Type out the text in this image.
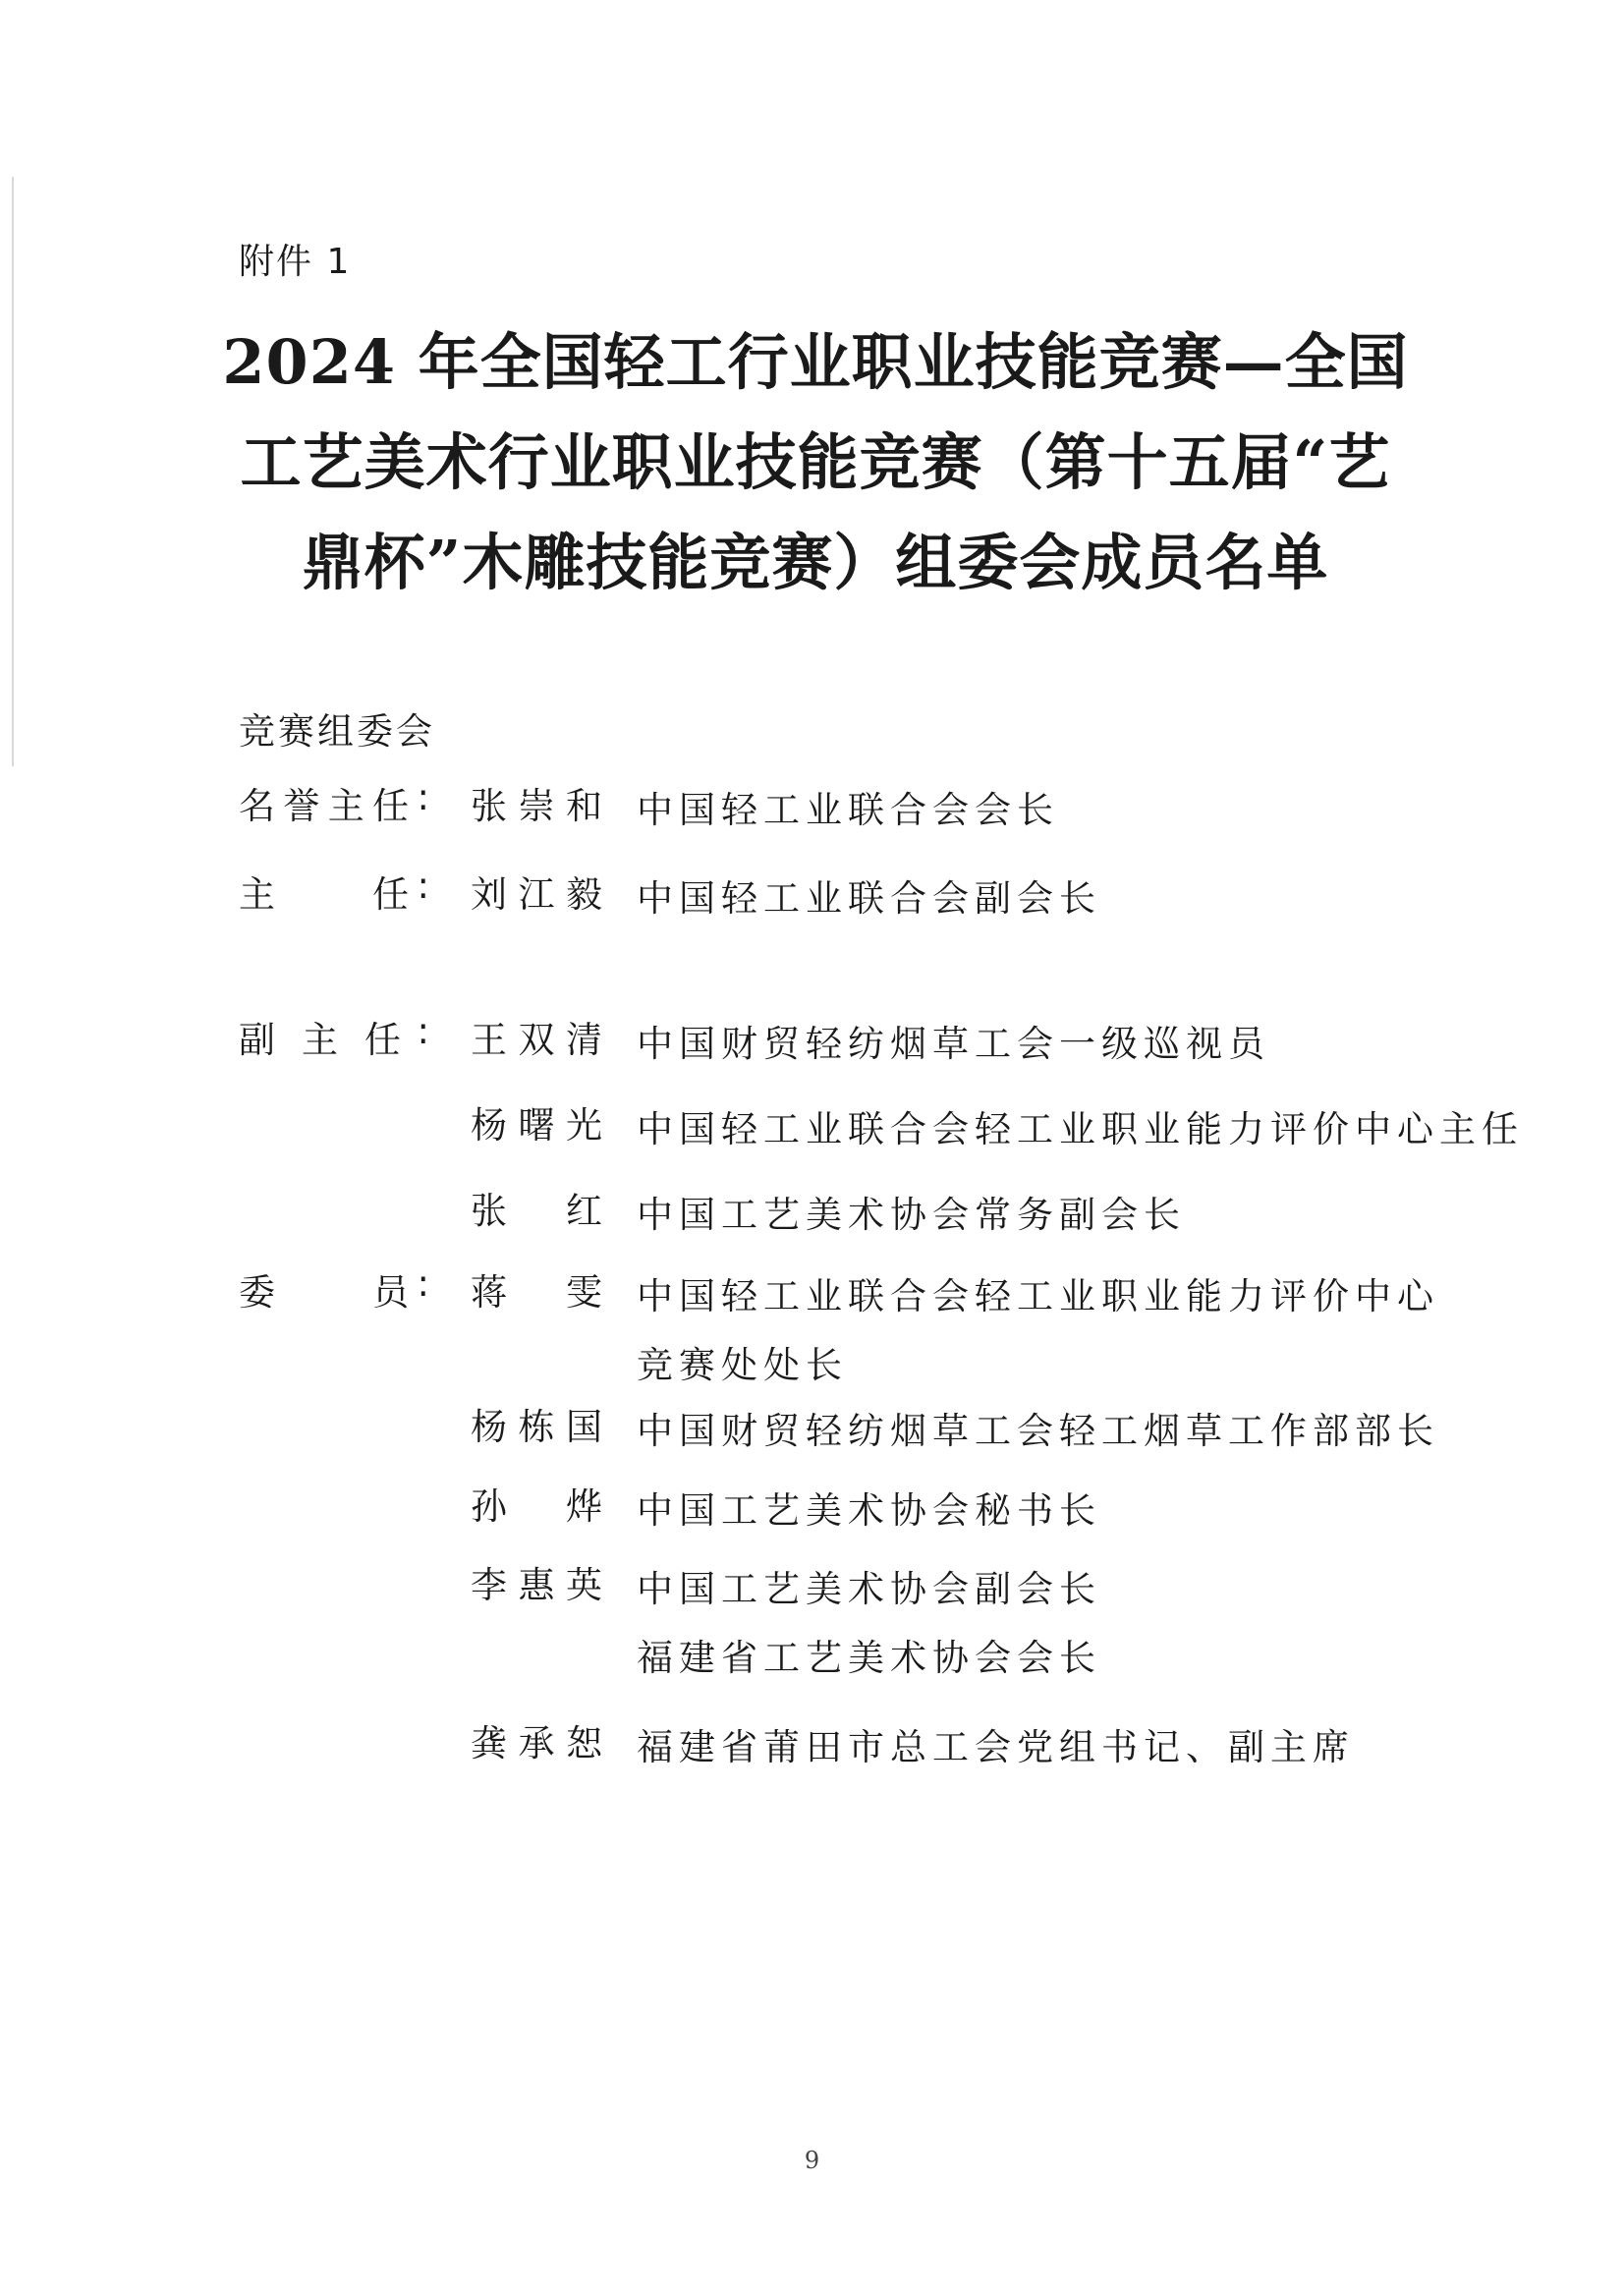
附件 1
2024 年全国轻工行业职业技能竞赛—全国
工艺美术行业职业技能竞赛（第十五届“艺
鼎杯”木雕技能竞赛）组委会成员名单
竞赛组委会
名 誉 主 任 : 张 崇 和 中国轻工业联合会会长
主

　	任 : 刘 江 毅 中国轻工业联合会副会长
副 主 任 : 王 双 清 中国财贸轻纺烟草工会一级巡视员
杨 曙 光 中国轻工业联合会轻工业职业能力评价中心主任
张
　 红 中国工艺美术协会常务副会长
委

　	员 : 蒋
　 雯 中国轻工业联合会轻工业职业能力评价中心
竞赛处处长
杨 栋 国 中国财贸轻纺烟草工会轻工烟草工作部部长
孙
　 烨 中国工艺美术协会秘书长
李 惠 英 中国工艺美术协会副会长
福建省工艺美术协会会长
龚 承 恕 福建省莆田市总工会党组书记、副主席
9
